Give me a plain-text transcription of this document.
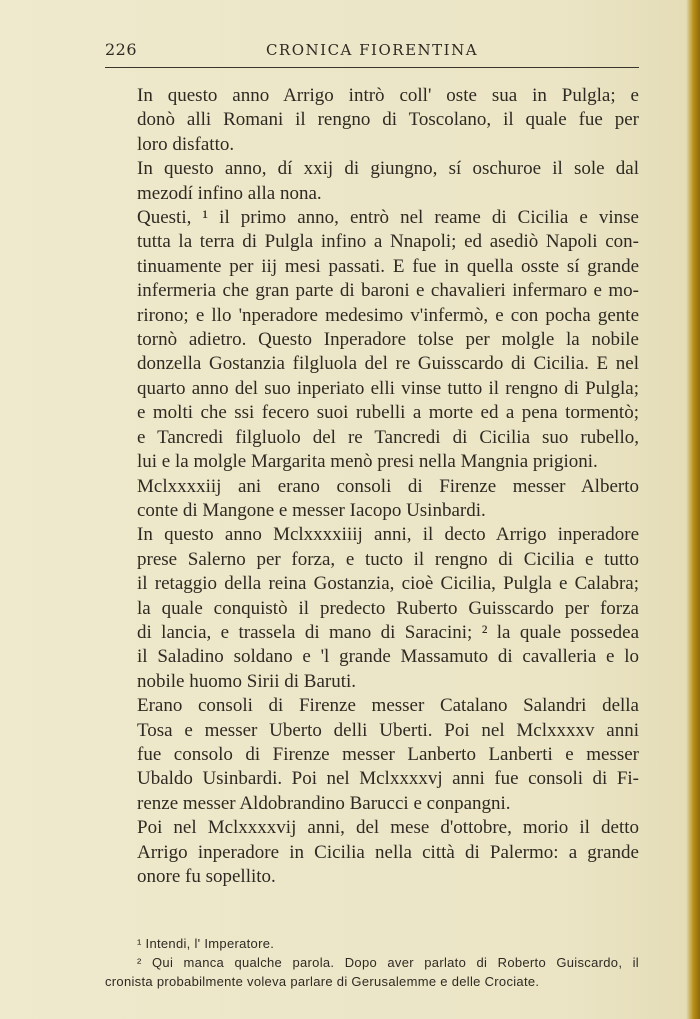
226	CRONICA FIORENTINA

In questo anno Arrigo intrò coll' oste sua in Pulgla; e
donò alli Romani il rengno di Toscolano, il quale fue per
loro disfatto.

In questo anno, dí xxij di giungno, sí oschuroe il sole dal
mezodí infino alla nona.

Questi, ¹ il primo anno, entrò nel reame di Cicilia e vinse
tutta la terra di Pulgla infino a Nnapoli; ed asediò Napoli con-
tinuamente per iij mesi passati. E fue in quella osste sí grande
infermeria che gran parte di baroni e chavalieri infermaro e mo-
rirono; e llo 'nperadore medesimo v'infermò, e con pocha gente
tornò adietro. Questo Inperadore tolse per molgle la nobile
donzella Gostanzia filgluola del re Guisscardo di Cicilia. E nel
quarto anno del suo inperiato elli vinse tutto il rengno di Pulgla;
e molti che ssi fecero suoi rubelli a morte ed a pena tormentò;
e Tancredi filgluolo del re Tancredi di Cicilia suo rubello,
lui e la molgle Margarita menò presi nella Mangnia prigioni.

Mclxxxxiij ani erano consoli di Firenze messer Alberto
conte di Mangone e messer Iacopo Usinbardi.

In questo anno Mclxxxxiiij anni, il decto Arrigo inperadore
prese Salerno per forza, e tucto il rengno di Cicilia e tutto
il retaggio della reina Gostanzia, cioè Cicilia, Pulgla e Calabra;
la quale conquistò il predecto Ruberto Guisscardo per forza
di lancia, e trassela di mano di Saracini; ² la quale possedea
il Saladino soldano e 'l grande Massamuto di cavalleria e lo
nobile huomo Sirii di Baruti.

Erano consoli di Firenze messer Catalano Salandri della
Tosa e messer Uberto delli Uberti. Poi nel Mclxxxxv anni
fue consolo di Firenze messer Lanberto Lanberti e messer
Ubaldo Usinbardi. Poi nel Mclxxxxvj anni fue consoli di Fi-
renze messer Aldobrandino Barucci e conpangni.

Poi nel Mclxxxxvij anni, del mese d'ottobre, morio il detto
Arrigo inperadore in Cicilia nella città di Palermo: a grande
onore fu sopellito.

¹ Intendi, l' Imperatore.

² Qui manca qualche parola. Dopo aver parlato di Roberto Guiscardo, il

cronista probabilmente voleva parlare di Gerusalemme e delle Crociate.
